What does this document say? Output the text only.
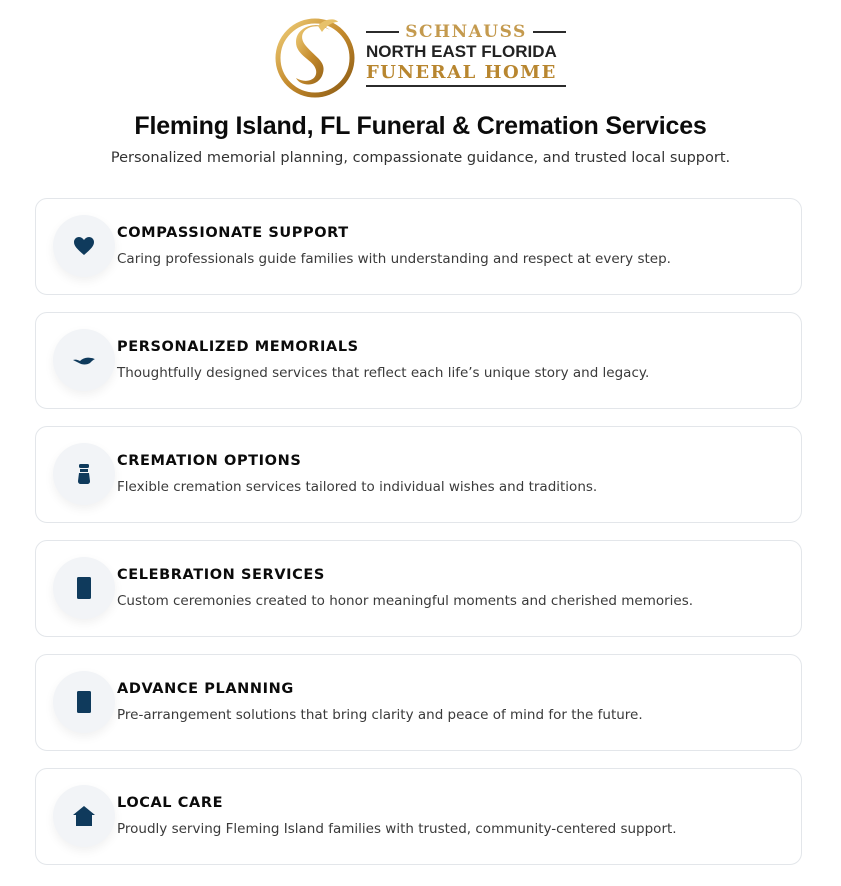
SCHNAUSS
NORTH EAST FLORIDA
FUNERAL HOME
Fleming Island, FL Funeral & Cremation Services

Personalized memorial planning, compassionate guidance, and trusted local support.

COMPASSIONATE SUPPORT
Caring professionals guide families with understanding and respect at every step.
PERSONALIZED MEMORIALS
Thoughtfully designed services that reflect each life’s unique story and legacy.
CREMATION OPTIONS
Flexible cremation services tailored to individual wishes and traditions.
CELEBRATION SERVICES
Custom ceremonies created to honor meaningful moments and cherished memories.
ADVANCE PLANNING
Pre-arrangement solutions that bring clarity and peace of mind for the future.
LOCAL CARE
Proudly serving Fleming Island families with trusted, community-centered support.
